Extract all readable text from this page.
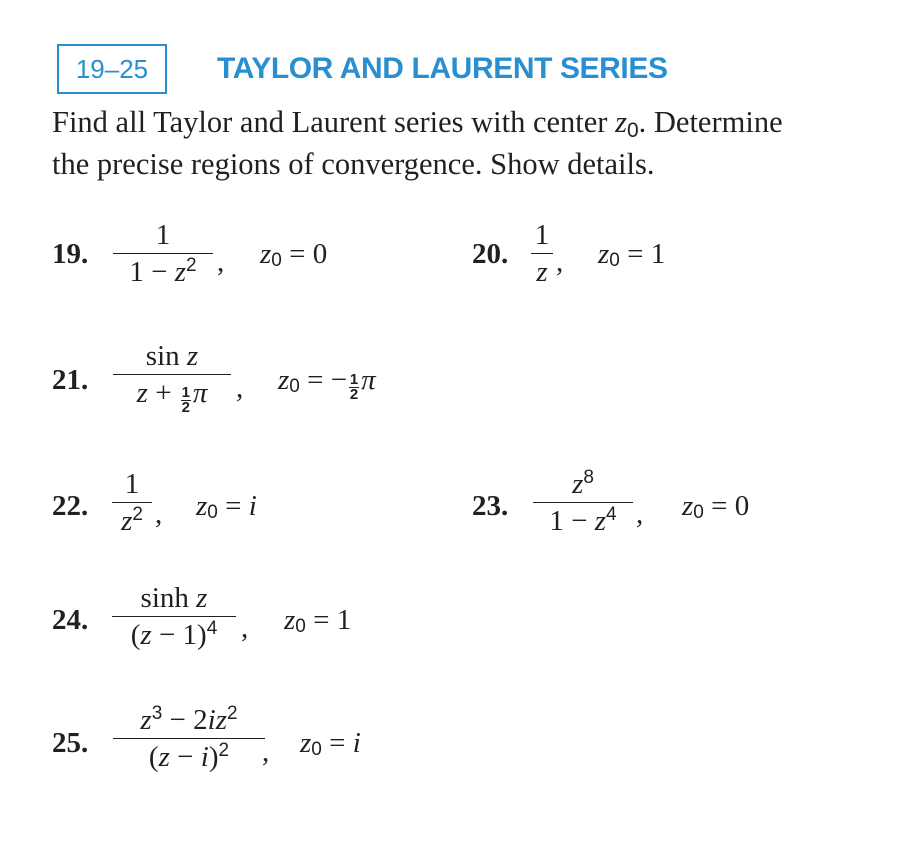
19–25 TAYLOR AND LAURENT SERIES
Find all Taylor and Laurent series with center $z_0$. Determine
the precise regions of convergence. Show details.
19.
1
$1 - z^2$ , $z_0 = 0$	20.
1
z , $z_0 = 1$
21.
sin z
$z + \frac{1}{2}$ π , $z_0$ = − $\frac{1}{2}$ π
22.
1
$z^2$ , $z_0 = i$	23.
$z^8$
$1 - z^4$ , $z_0 = 0$
24.
sinh z
$(z - 1)^4$ , $z_0 = 1$
25.
$z^3 - 2iz^2$
$(z - i)^2$ , $z_0 = i$
